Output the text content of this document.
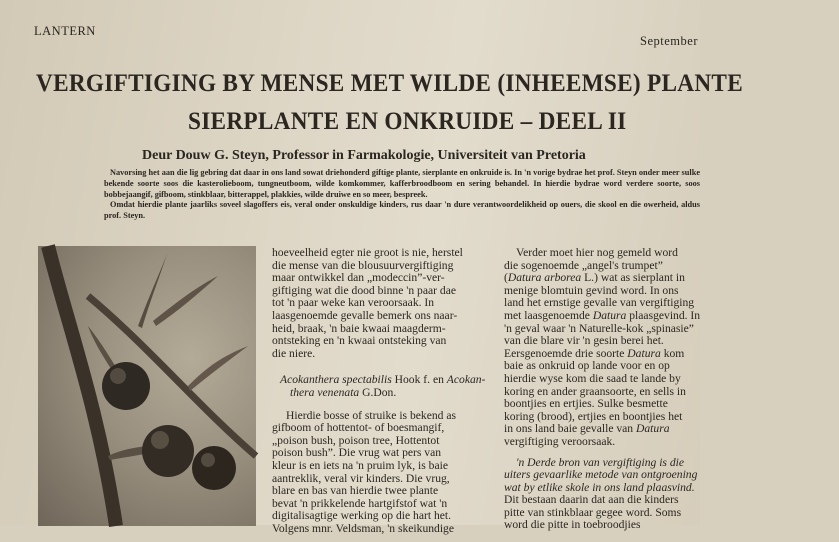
LANTERN
September
VERGIFTIGING BY MENSE MET WILDE (INHEEMSE) PLANTE
SIERPLANTE EN ONKRUIDE – DEEL II
Deur Douw G. Steyn, Professor in Farmakologie, Universiteit van Pretoria

Navorsing het aan die lig gebring dat daar in ons land sowat driehonderd giftige plante, sierplante en onkruide is. In 'n vorige bydrae het prof. Steyn onder meer sulke bekende soorte soos die kasterolieboom, tungneutboom, wilde komkommer, kafferbroodboom en sering behandel. In hierdie bydrae word verdere soorte, soos bobbejaangif, gifboom, stinkblaar, bitterappel, plakkies, wilde druiwe en so meer, bespreek.

Omdat hierdie plante jaarliks soveel slagoffers eis, veral onder onskuldige kinders, rus daar 'n dure verantwoordelikheid op ouers, die skool en die owerheid, aldus prof. Steyn.

hoeveelheid egter nie groot is nie, herstel
die mense van die blousuurvergiftiging
maar ontwikkel dan „modeccin”-ver-
giftiging wat die dood binne 'n paar dae
tot 'n paar weke kan veroorsaak. In
laasgenoemde gevalle bemerk ons naar-
heid, braak, 'n baie kwaai maagderm-
ontsteking en 'n kwaai ontsteking van
die niere.

Acokanthera spectabilis Hook f. en Acokan-
thera venenata G.Don.

Hierdie bosse of struike is bekend as
gifboom of hottentot- of boesmangif,
„poison bush, poison tree, Hottentot
poison bush”. Die vrug wat pers van
kleur is en iets na 'n pruim lyk, is baie
aantreklik, veral vir kinders. Die vrug,
blare en bas van hierdie twee plante
bevat 'n prikkelende hartgifstof wat 'n
digitalisagtige werking op die hart het.
Volgens mnr. Veldsman, 'n skeikundige

Verder moet hier nog gemeld word
die sogenoemde „angel's trumpet”
(Datura arborea L.) wat as sierplant in
menige blomtuin gevind word. In ons
land het ernstige gevalle van vergiftiging
met laasgenoemde Datura plaasgevind. In
'n geval waar 'n Naturelle-kok „spinasie”
van die blare vir 'n gesin berei het.
Eersgenoemde drie soorte Datura kom
baie as onkruid op lande voor en op
hierdie wyse kom die saad te lande by
koring en ander graansoorte, en sells in
boontjies en ertjies. Sulke besmette
koring (brood), ertjies en boontjies het
in ons land baie gevalle van Datura
vergiftiging veroorsaak.

'n Derde bron van vergiftiging is die
uiters gevaarlike metode van ontgroening
wat by etlike skole in ons land plaasvind.

Dit bestaan daarin dat aan die kinders
pitte van stinkblaar gegee word. Soms
word die pitte in toebroodjies
